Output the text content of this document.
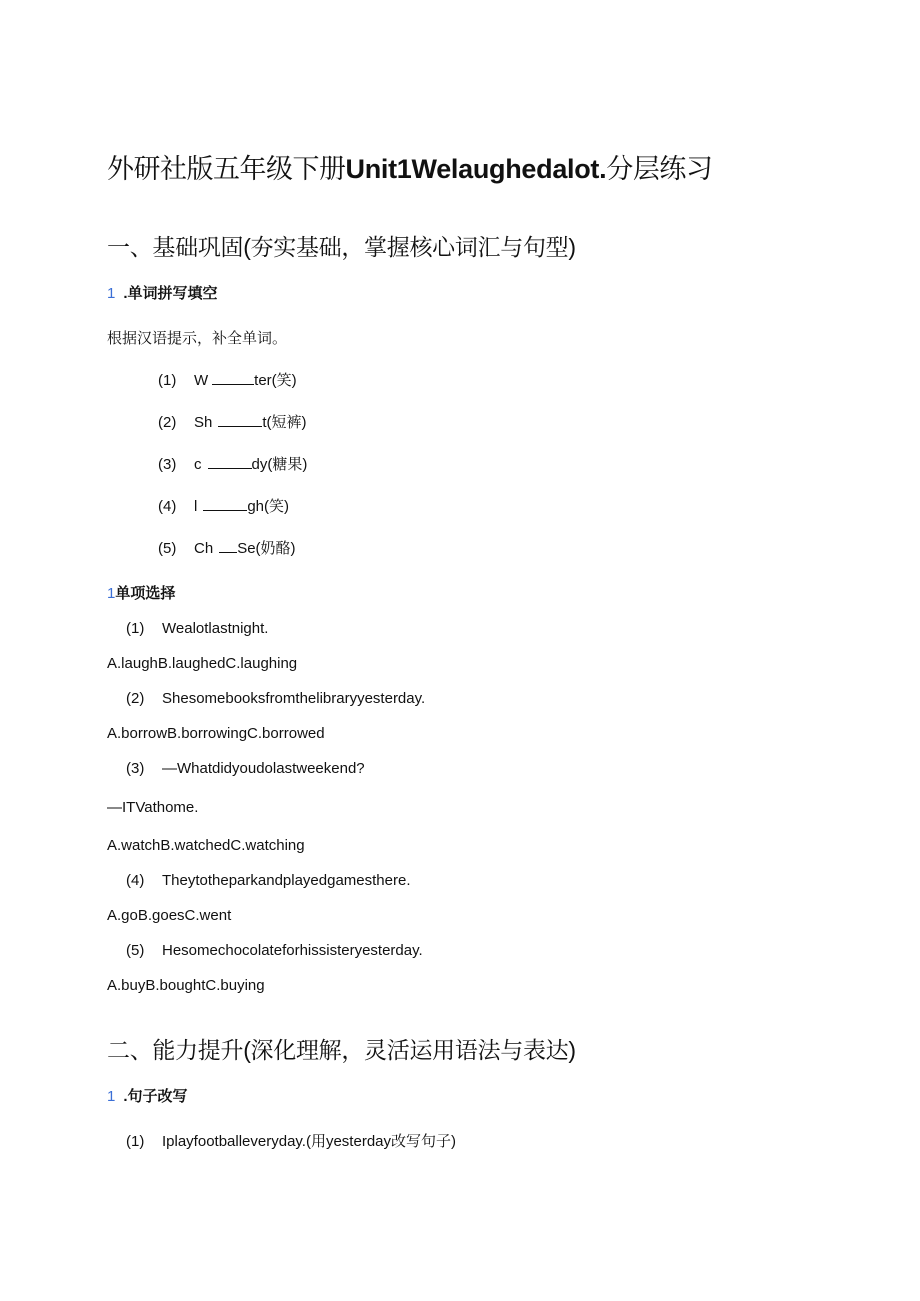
外研社版五年级下册Unit1Welaughedalot.分层练习
一、基础巩固(夯实基础，掌握核心词汇与句型)
1 .单词拼写填空
根据汉语提示，补全单词。
(1) W	ter(笑)
(2) Sh	t(短裤)
(3) c	dy(糖果)
(4) l	gh(笑)
(5) Ch Se(奶酪)
1单项选择
(1) Wealotlastnight.
A.laughB.laughedC.laughing
(2) Shesomebooksfromthelibraryyesterday.
A.borrowB.borrowingC.borrowed
(3) —Whatdidyoudolastweekend?
—ITVathome.
A.watchB.watchedC.watching
(4) Theytotheparkandplayedgamesthere.
A.goB.goesC.went
(5) Hesomechocolateforhissisteryesterday.
A.buyB.boughtC.buying
二、能力提升(深化理解，灵活运用语法与表达)
1 .句子改写
(1) Iplayfootballeveryday.(用yesterday改写句子)
